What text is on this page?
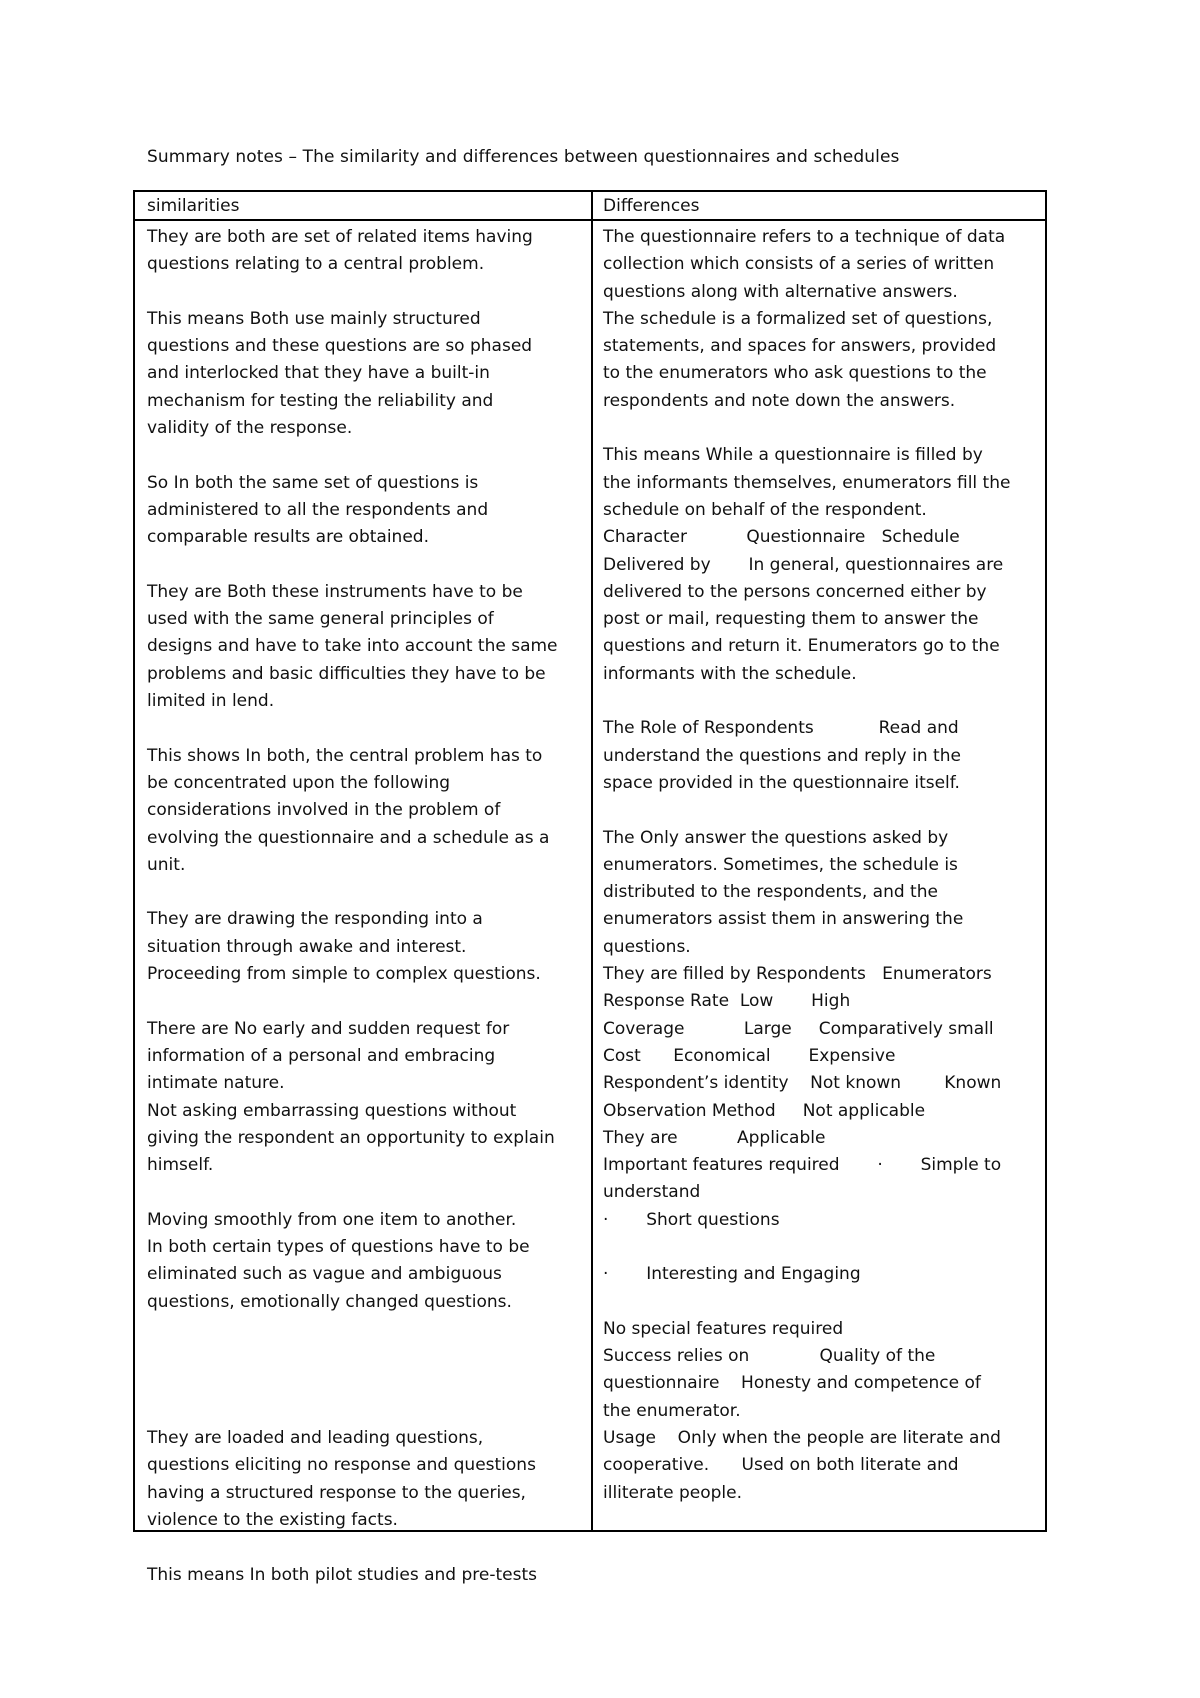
Summary notes – The similarity and differences between questionnaires and schedules
similarities	Differences
They are both are set of related items having
questions relating to a central problem.
This means Both use mainly structured
questions and these questions are so phased
and interlocked that they have a built-in
mechanism for testing the reliability and
validity of the response.
So In both the same set of questions is
administered to all the respondents and
comparable results are obtained.
They are Both these instruments have to be
used with the same general principles of
designs and have to take into account the same
problems and basic difficulties they have to be
limited in lend.
This shows In both, the central problem has to
be concentrated upon the following
considerations involved in the problem of
evolving the questionnaire and a schedule as a
unit.
They are drawing the responding into a
situation through awake and interest.
Proceeding from simple to complex questions.
There are No early and sudden request for
information of a personal and embracing
intimate nature.
Not asking embarrassing questions without
giving the respondent an opportunity to explain
himself.
Moving smoothly from one item to another.
In both certain types of questions have to be
eliminated such as vague and ambiguous
questions, emotionally changed questions.
They are loaded and leading questions,
questions eliciting no response and questions
having a structured response to the queries,
violence to the existing facts.
This means In both pilot studies and pre-tests
The questionnaire refers to a technique of data
collection which consists of a series of written
questions along with alternative answers.
The schedule is a formalized set of questions,
statements, and spaces for answers, provided
to the enumerators who ask questions to the
respondents and note down the answers.
This means While a questionnaire is filled by
the informants themselves, enumerators fill the
schedule on behalf of the respondent.
Character           Questionnaire   Schedule
Delivered by       In general, questionnaires are
delivered to the persons concerned either by
post or mail, requesting them to answer the
questions and return it. Enumerators go to the
informants with the schedule.
The Role of Respondents            Read and
understand the questions and reply in the
space provided in the questionnaire itself.
The Only answer the questions asked by
enumerators. Sometimes, the schedule is
distributed to the respondents, and the
enumerators assist them in answering the
questions.
They are filled by Respondents   Enumerators
Response Rate  Low       High
Coverage           Large     Comparatively small
Cost      Economical       Expensive
Respondent’s identity    Not known        Known
Observation Method     Not applicable
They are           Applicable
Important features required       ·       Simple to
understand
·       Short questions
·       Interesting and Engaging
No special features required
Success relies on             Quality of the
questionnaire    Honesty and competence of
the enumerator.
Usage    Only when the people are literate and
cooperative.      Used on both literate and
illiterate people.
